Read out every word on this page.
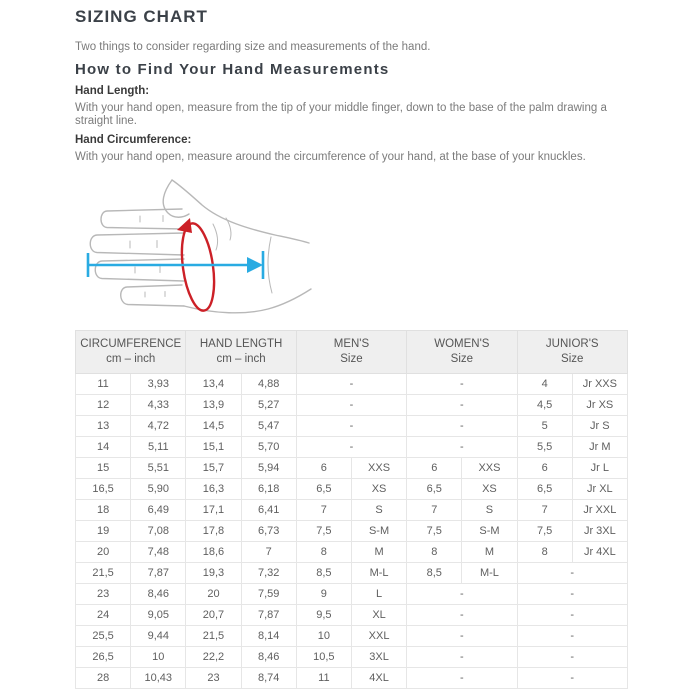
SIZING CHART

Two things to consider regarding size and measurements of the hand.

How to Find Your Hand Measurements
Hand Length:

With your hand open, measure from the tip of your middle finger, down to the base of the palm drawing a straight line.

Hand Circumference:

With your hand open, measure around the circumference of your hand, at the base of your knuckles.

CIRCUMFERENCE
cm – inch

HAND LENGTH
cm – inch

MEN'S
Size

WOMEN'S
Size

JUNIOR'S
Size

11	3,93	13,4	4,88	-		-		4	Jr XXS
12	4,33	13,9	5,27	-		-		4,5	Jr XS
13	4,72	14,5	5,47	-		-		5	Jr S
14	5,11	15,1	5,70	-		-		5,5	Jr M
15	5,51	15,7	5,94	6	XXS	6	XXS	6	Jr L
16,5	5,90	16,3	6,18	6,5	XS	6,5	XS	6,5	Jr XL
18	6,49	17,1	6,41	7	S	7	S	7	Jr XXL
19	7,08	17,8	6,73	7,5	S-M	7,5	S-M	7,5	Jr 3XL
20	7,48	18,6	7	8	M	8	M	8	Jr 4XL
21,5	7,87	19,3	7,32	8,5	M-L	8,5	M-L	-	
23	8,46	20	7,59	9	L	-		-	
24	9,05	20,7	7,87	9,5	XL	-		-	
25,5	9,44	21,5	8,14	10	XXL	-		-	
26,5	10	22,2	8,46	10,5	3XL	-		-	
28	10,43	23	8,74	11	4XL	-		-	
